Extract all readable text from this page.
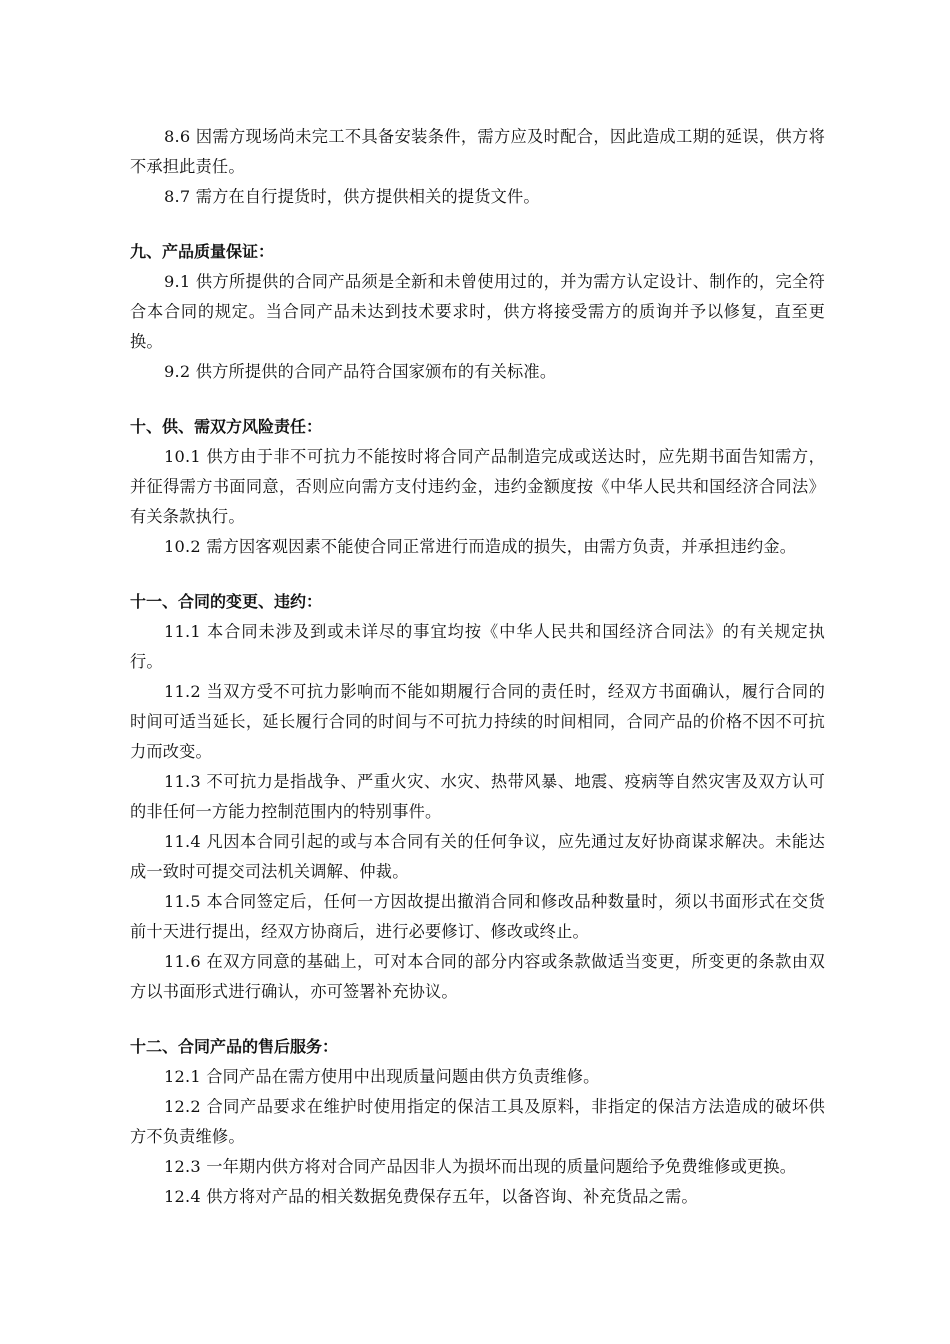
8.6 因需方现场尚未完工不具备安装条件，需方应及时配合，因此造成工期的延误，供方将不承担此责任。

8.7 需方在自行提货时，供方提供相关的提货文件。

九、产品质量保证：

9.1 供方所提供的合同产品须是全新和未曾使用过的，并为需方认定设计、制作的，完全符合本合同的规定。当合同产品未达到技术要求时，供方将接受需方的质询并予以修复，直至更换。

9.2 供方所提供的合同产品符合国家颁布的有关标准。

十、供、需双方风险责任：

10.1 供方由于非不可抗力不能按时将合同产品制造完成或送达时，应先期书面告知需方，并征得需方书面同意，否则应向需方支付违约金，违约金额度按《中华人民共和国经济合同法》有关条款执行。

10.2 需方因客观因素不能使合同正常进行而造成的损失，由需方负责，并承担违约金。

十一、合同的变更、违约：

11.1 本合同未涉及到或未详尽的事宜均按《中华人民共和国经济合同法》的有关规定执行。

11.2 当双方受不可抗力影响而不能如期履行合同的责任时，经双方书面确认，履行合同的时间可适当延长，延长履行合同的时间与不可抗力持续的时间相同，合同产品的价格不因不可抗力而改变。

11.3 不可抗力是指战争、严重火灾、水灾、热带风暴、地震、疫病等自然灾害及双方认可的非任何一方能力控制范围内的特别事件。

11.4 凡因本合同引起的或与本合同有关的任何争议，应先通过友好协商谋求解决。未能达成一致时可提交司法机关调解、仲裁。

11.5 本合同签定后，任何一方因故提出撤消合同和修改品种数量时，须以书面形式在交货前十天进行提出，经双方协商后，进行必要修订、修改或终止。

11.6 在双方同意的基础上，可对本合同的部分内容或条款做适当变更，所变更的条款由双方以书面形式进行确认，亦可签署补充协议。

十二、合同产品的售后服务：

12.1 合同产品在需方使用中出现质量问题由供方负责维修。

12.2 合同产品要求在维护时使用指定的保洁工具及原料，非指定的保洁方法造成的破坏供方不负责维修。

12.3 一年期内供方将对合同产品因非人为损坏而出现的质量问题给予免费维修或更换。

12.4 供方将对产品的相关数据免费保存五年，以备咨询、补充货品之需。
